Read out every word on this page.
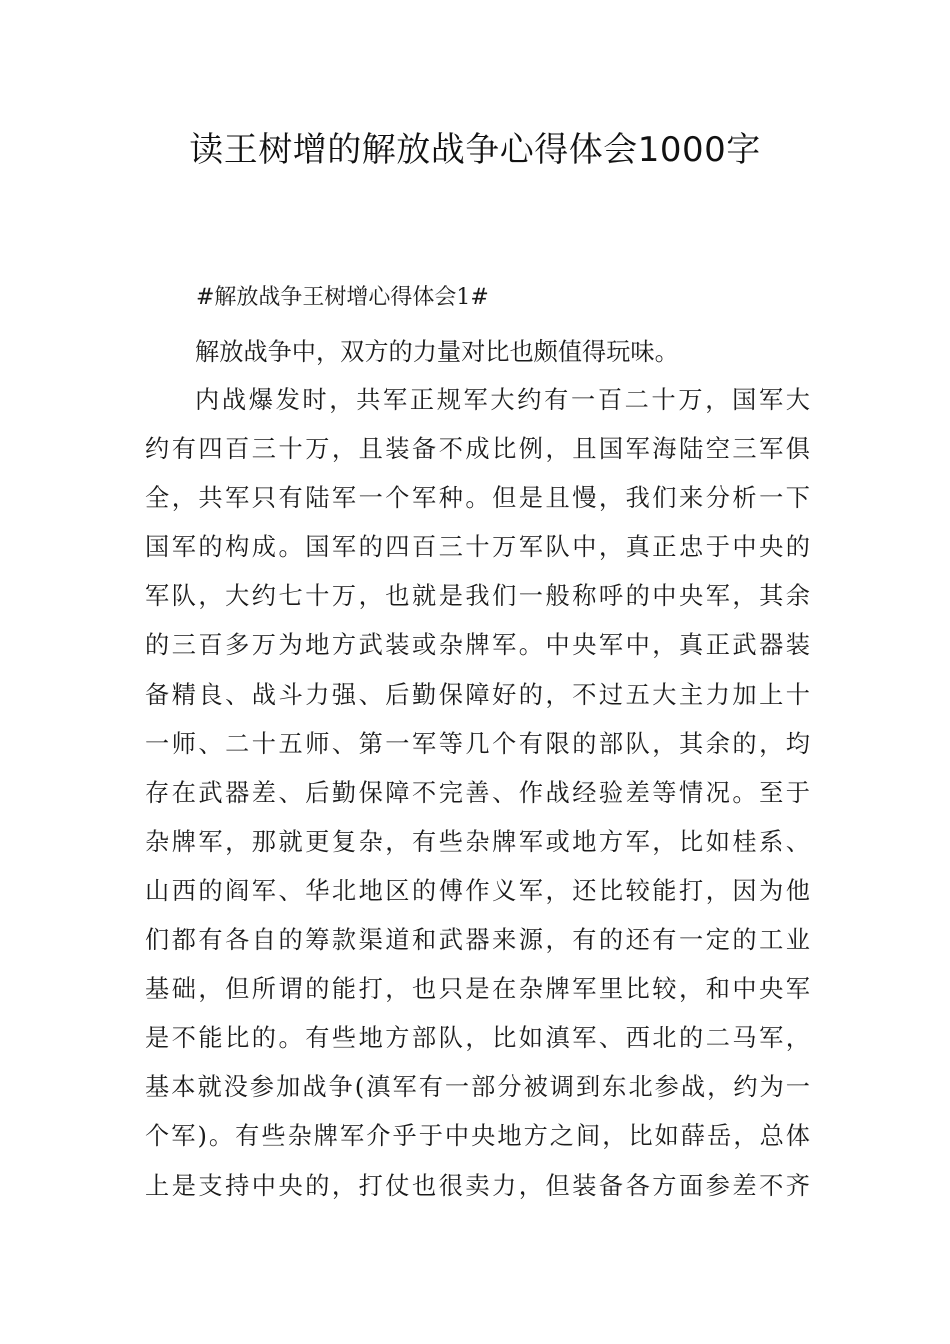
读王树增的解放战争心得体会1000字
#解放战争王树增心得体会1#
解放战争中，双方的力量对比也颇值得玩味。
内战爆发时，共军正规军大约有一百二十万，国军大
约有四百三十万，且装备不成比例，且国军海陆空三军俱
全，共军只有陆军一个军种。但是且慢，我们来分析一下
国军的构成。国军的四百三十万军队中，真正忠于中央的
军队，大约七十万，也就是我们一般称呼的中央军，其余
的三百多万为地方武装或杂牌军。中央军中，真正武器装
备精良、战斗力强、后勤保障好的，不过五大主力加上十
一师、二十五师、第一军等几个有限的部队，其余的，均
存在武器差、后勤保障不完善、作战经验差等情况。至于
杂牌军，那就更复杂，有些杂牌军或地方军，比如桂系、
山西的阎军、华北地区的傅作义军，还比较能打，因为他
们都有各自的筹款渠道和武器来源，有的还有一定的工业
基础，但所谓的能打，也只是在杂牌军里比较，和中央军
是不能比的。有些地方部队，比如滇军、西北的二马军，
基本就没参加战争(滇军有一部分被调到东北参战，约为一
个军)。有些杂牌军介乎于中央地方之间，比如薛岳，总体
上是支持中央的，打仗也很卖力，但装备各方面参差不齐
